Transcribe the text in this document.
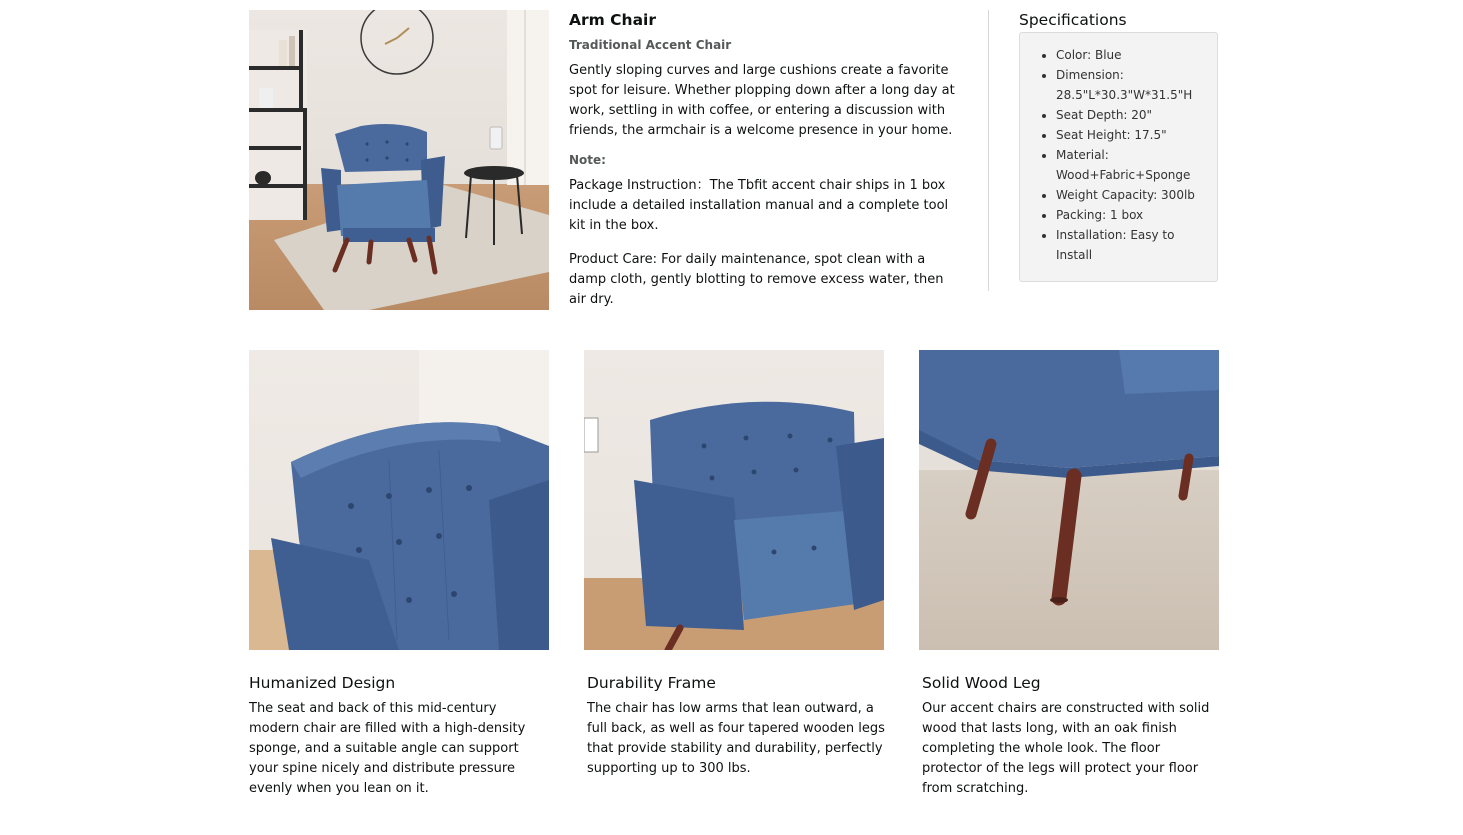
Arm Chair
Traditional Accent Chair

Gently sloping curves and large cushions create a favorite spot for leisure. Whether plopping down after a long day at work, settling in with coffee, or entering a discussion with friends, the armchair is a welcome presence in your home.

Note:

Package Instruction：The Tbfit accent chair ships in 1 box include a detailed installation manual and a complete tool kit in the box.

Product Care: For daily maintenance, spot clean with a damp cloth, gently blotting to remove excess water, then air dry.

Specifications
• Color: Blue
• Dimension: 28.5"L*30.3"W*31.5"H
• Seat Depth: 20"
• Seat Height: 17.5"
• Material: Wood+Fabric+Sponge
• Weight Capacity: 300lb
• Packing: 1 box
• Installation: Easy to Install
Humanized Design

The seat and back of this mid-century modern chair are filled with a high-density sponge, and a suitable angle can support your spine nicely and distribute pressure evenly when you lean on it.

Durability Frame

The chair has low arms that lean outward, a full back, as well as four tapered wooden legs that provide stability and durability, perfectly supporting up to 300 lbs.

Solid Wood Leg

Our accent chairs are constructed with solid wood that lasts long, with an oak finish completing the whole look. The floor protector of the legs will protect your floor from scratching.
